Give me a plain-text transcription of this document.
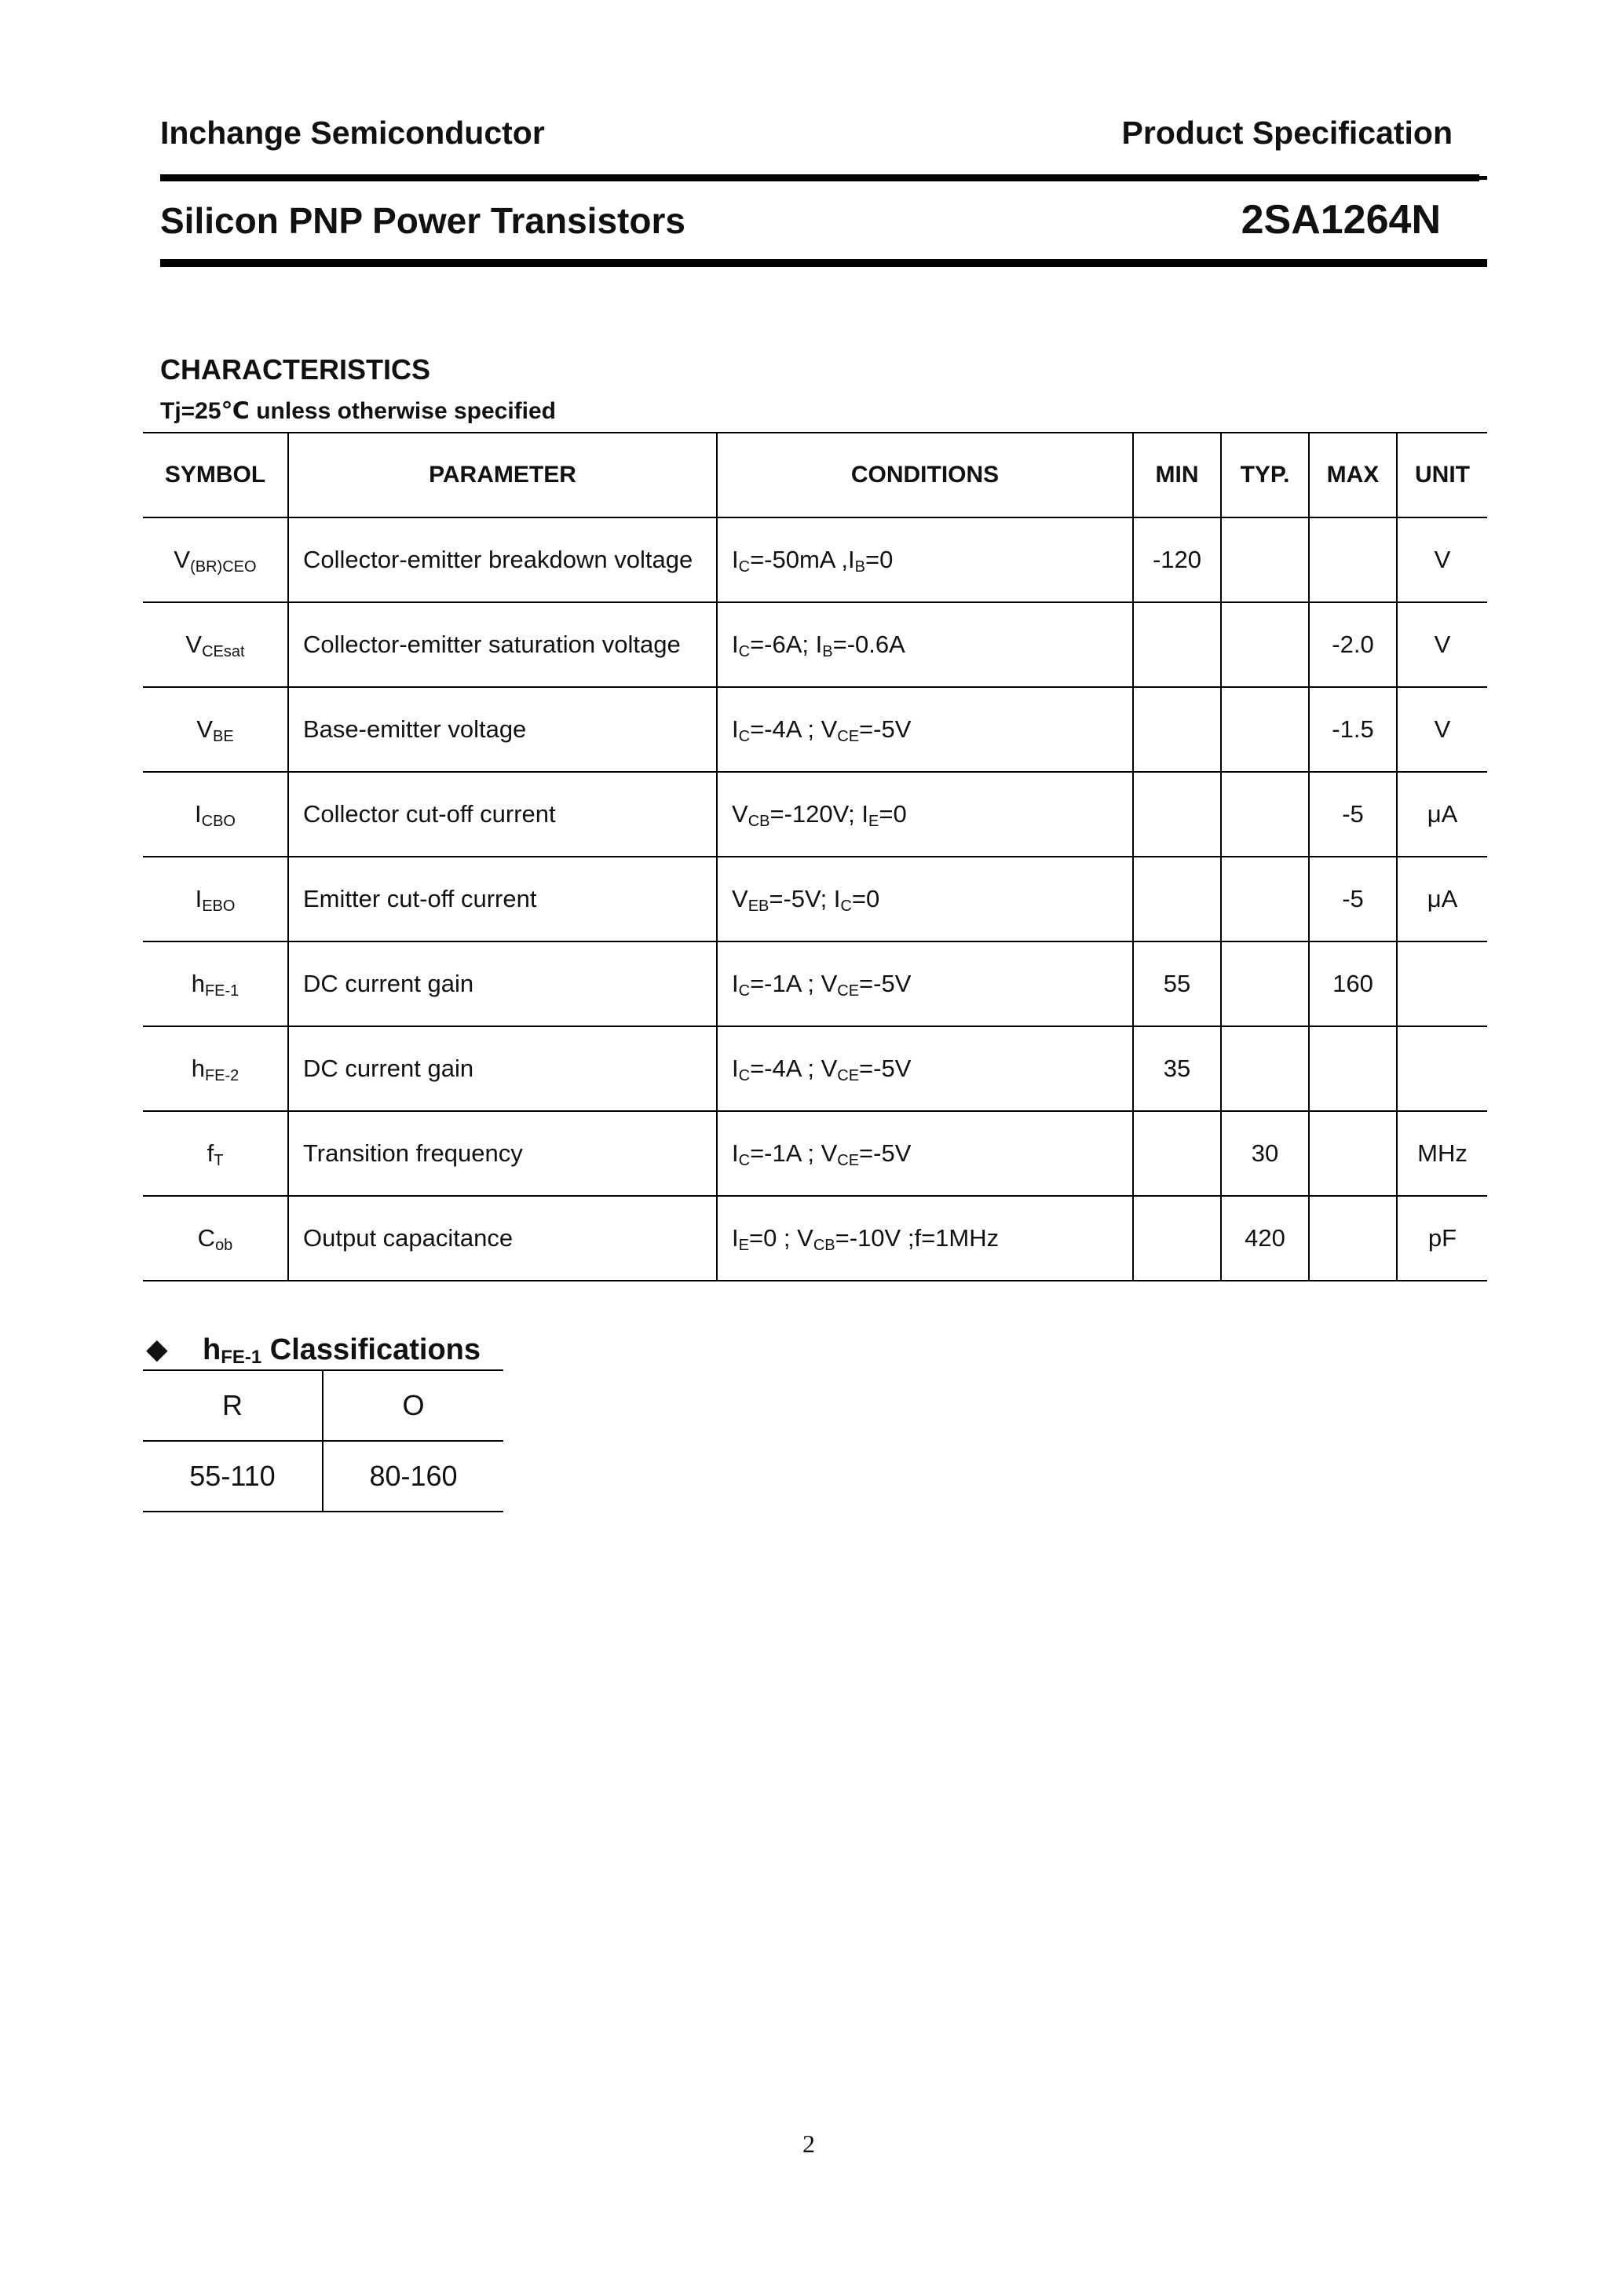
Inchange Semiconductor	Product Specification
Silicon PNP Power Transistors	2SA1264N
CHARACTERISTICS
Tj=25℃ unless otherwise specified
SYMBOL	PARAMETER	CONDITIONS	MIN	TYP.	MAX	UNIT
$V_{(BR)CEO}$	Collector-emitter breakdown voltage	$I_C=-50mA$ $,I_B=0$	-120			V
$V_{CEsat}$	Collector-emitter saturation voltage	$I_C=-6A$; $I_B=-0.6A$			-2.0	V
$V_{BE}$	Base-emitter voltage	$I_C=-4A$ ; $V_{CE}=-5V$			-1.5	V
$I_{CBO}$	Collector cut-off current	$V_{CB}=-120V$; $I_E=0$			-5	μA
$I_{EBO}$	Emitter cut-off current	$V_{EB}=-5V$; $I_C=0$			-5	μA
$h_{FE-1}$	DC current gain	$I_C=-1A$ ; $V_{CE}=-5V$	55		160	
$h_{FE-2}$	DC current gain	$I_C=-4A$ ; $V_{CE}=-5V$	35			
$f_T$	Transition frequency	$I_C=-1A$ ; $V_{CE}=-5V$		30		MHz
$C_{ob}$	Output capacitance	$I_E=0$ ; $V_{CB}=-10V$ ;f=1MHz		420		pF
◆ $h_{FE-1}$ Classifications
R	O
55-110	80-160
2
